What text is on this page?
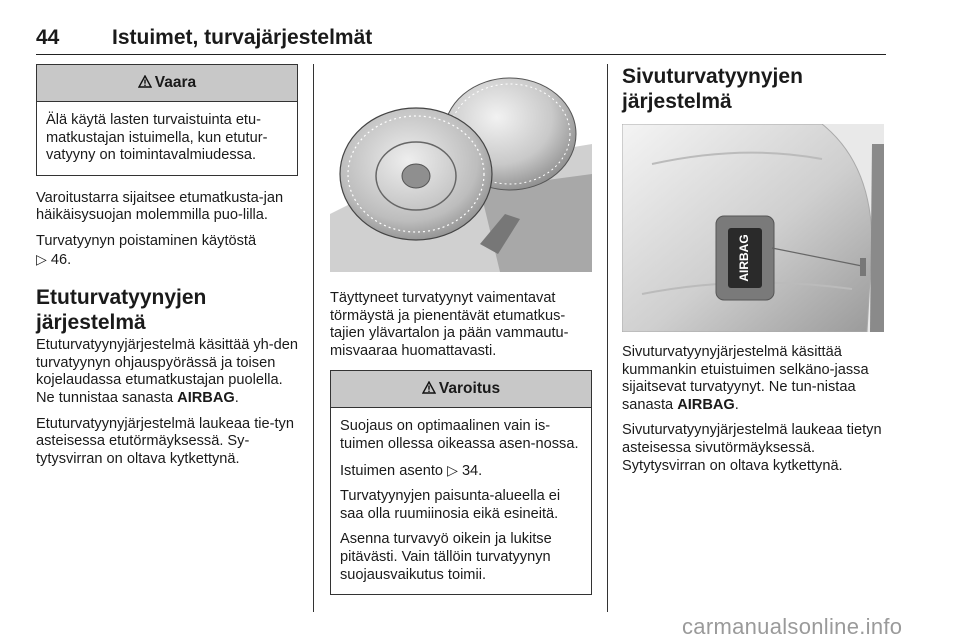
44	Istuimet, turvajärjestelmät
Vaara

Älä käytä lasten turvaistuinta etu-matkustajan istuimella, kun etutur-vatyyny on toimintavalmiudessa.

Varoitustarra sijaitsee etumatkusta-jan häikäisysuojan molemmilla puo-lilla.

Turvatyynyn poistaminen käytöstä
▷ 46.

Etuturvatyynyjen järjestelmä

Etuturvatyynyjärjestelmä käsittää yh-den turvatyynyn ohjauspyörässä ja toisen kojelaudassa etumatkustajan puolella. Ne tunnistaa sanasta AIRBAG.

Etuturvatyynyjärjestelmä laukeaa tie-tyn asteisessa etutörmäyksessä. Sy-tytysvirran on oltava kytkettynä.

Täyttyneet turvatyynyt vaimentavat törmäystä ja pienentävät etumatkus-tajien ylävartalon ja pään vammautu-misvaaraa huomattavasti.

Varoitus

Suojaus on optimaalinen vain is-tuimen ollessa oikeassa asen-nossa.

Istuimen asento ▷ 34.

Turvatyynyjen paisunta-alueella ei saa olla ruumiinosia eikä esineitä.

Asenna turvavyö oikein ja lukitse pitävästi. Vain tällöin turvatyynyn suojausvaikutus toimii.

Sivuturvatyynyjen järjestelmä
AIRBAG

Sivuturvatyynyjärjestelmä käsittää kummankin etuistuimen selkäno-jassa sijaitsevat turvatyynyt. Ne tun-nistaa sanasta AIRBAG.

Sivuturvatyynyjärjestelmä laukeaa tietyn asteisessa sivutörmäyksessä. Sytytysvirran on oltava kytkettynä.

carmanualsonline.info
